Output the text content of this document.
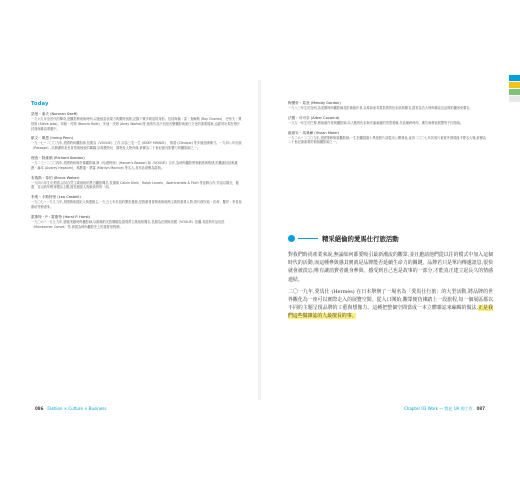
Today
諾曼・塞夫 (Norman Seeff)

一九六九年至世代的傳奇,是攝影藝術與時尚,以他極富表現力的獨特風格,記錄下眾多明星的身影。包括海倫・雷・查爾斯 (Ray Charles)、史蒂夫・賈伯斯 (Steve Jobs)、邦妮・芮特 (Bonnie Raitt)、安迪・沃荷 (Andy Warhol)等,他的作品不但是音樂攝影與流行文化的重要檔案,也經常出現在唱片封面與雜誌專題中。

歐文・佩恩 (Irving Penn)

一九一七~二〇〇九年,美國時尚攝影師,長期為《VOGUE》工作,亦為三宅一生 (ISSEY MIYAKE) 、倩碧 (Clinique) 等多個品牌操刀。一九四八年出版《Passage》,以簡潔的灰色背景與極致的構圖,呈現模特兒、靜物及人物肖像,被譽為二十世紀最具影響力的攝影師之一。

理查・阿維頓 (Richard Avedon)

一九二三~二〇〇四年,美國時尚與肖像攝影師,與《哈潑時尚》(Harper's Bazaar) 和《VOGUE》合作,為時尚攝影帶來動感與情緒,拍攝過包括奧黛麗・赫本 (Audrey Hepburn)、瑪麗蓮・夢露 (Marilyn Monroe) 等名人,其作品被譽為經典。

布魯斯・韋伯 (Bruce Weber)

一九四六年生於美國,以其自然主義風格的黑白攝影聞名,長期與 Calvin Klein、Ralph Lauren、Abercrombie & Fitch 等品牌合作,作品以陽光、健康、自由的年輕身體為主題,擅長捕捉人物最真實的一面。

李奧・卡斯特里 (Leo Castelli)

一九〇七~一九九九年,美國藝術經紀人與畫廊主,一九五七年於紐約開設畫廊,是推動普普藝術與極簡主義的重要人物,曾代理安迪・沃荷、羅伊・李奇登斯坦等藝術家。

霍斯特・P・霍斯特 (Horst P. Horst)

一九〇六~一九九九年,德裔美籍時尚攝影師,以精緻的光影構圖及超現實主義風格聞名,長期為法國與美國《VOGUE》拍攝,其經典作品包括〈Mainbocher Corset〉等,被視為時尚攝影史上的重要里程碑。

086 Fashion × Culture × Business
梅樂蒂・葛登 (Melody Gordon)

一九八三年生於加州,為美國時尚攝影師及影像創作者,以柔和而具電影感的色彩風格聞名,經常為各大時尚雜誌及品牌拍攝形象廣告。

法國・可可奈 (Arber Coconut)

一九九一年生於巴黎,藝術創作者與攝影師,以大膽的色彩與充滿童趣的造型著稱,作品橫跨時尚、廣告與藝術展覽等不同領域。

維維安・馬奧爾 (Vivian Maier)

一九二六~二〇〇九年,美國業餘街頭攝影師,一生拍攝超過十萬張照片卻從未公開發表,直到二〇〇七年其底片被意外發現後才聲名大噪,被譽為二十世紀最重要的街頭攝影師之一。

精采絕倫的愛馬仕行旅活動

對我們時尚產業來說,無論如何都要吸引最新潮流的觀眾,並且邀請他們從以往的模式中加入這個時代的活動,而這種參與感其實就是品牌能否延續生命力的關鍵。品牌若只是單向傳遞訊息,很快就會被淡忘;唯有讓消費者親身參與、感受到自己也是故事的一部分,才能真正建立起長久的情感連結。

二〇一九年,愛馬仕 (Hermès) 在日本舉辦了一場名為「愛馬仕行旅」的大型活動,將品牌的世界觀化為一座可以實際走入的展覽空間。從入口開始,觀眾便彷彿踏上一段旅程,每一個展區都以不同的主題呈現品牌的工藝與想像力。這種把整個空間當成一本立體雜誌來編輯的做法,正是我們這些做雜誌的人最擅長的事。

Chapter 03 Work — 我在 UA 的工作 087
